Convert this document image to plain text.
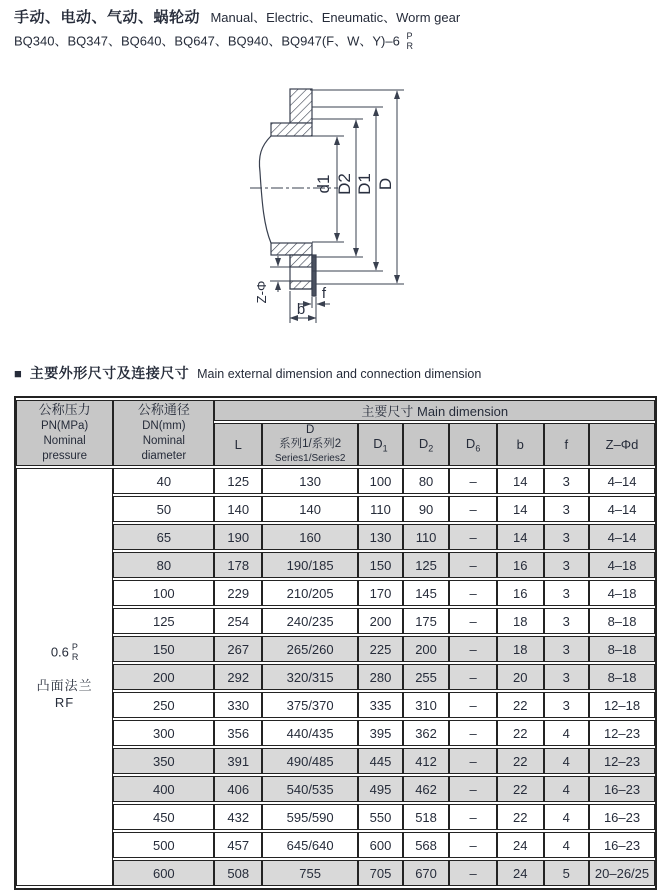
手动、电动、气动、蜗轮动 Manual、Electric、Eneumatic、Worm gear
BQ340、BQ347、BQ640、BQ647、BQ940、BQ947(F、W、Y)–6 P
R
d1 D2 D1 D
f
b
Z-Φ
■ 主要外形尺寸及连接尺寸 Main external dimension and connection dimension
公称压力
PN(MPa)
Nominal
pressure	公称通径
DN(mm)
Nominal
diameter	主要尺寸 Main dimension							
		L	D
系列1/系列2
Series1/Series2	$D_1$	$D_2$	$D_6$	b	f	Z–Φd

0.6 P
R
凸面法兰
RF	40	125	130	100	80	–	14	3	4–14
	50	140	140	110	90	–	14	3	4–14
	65	190	160	130	110	–	14	3	4–14
	80	178	190/185	150	125	–	16	3	4–18
	100	229	210/205	170	145	–	16	3	4–18
	125	254	240/235	200	175	–	18	3	8–18
	150	267	265/260	225	200	–	18	3	8–18
	200	292	320/315	280	255	–	20	3	8–18
	250	330	375/370	335	310	–	22	3	12–18
	300	356	440/435	395	362	–	22	4	12–23
	350	391	490/485	445	412	–	22	4	12–23
	400	406	540/535	495	462	–	22	4	16–23
	450	432	595/590	550	518	–	22	4	16–23
	500	457	645/640	600	568	–	24	4	16–23
	600	508	755	705	670	–	24	5	20–26/25
